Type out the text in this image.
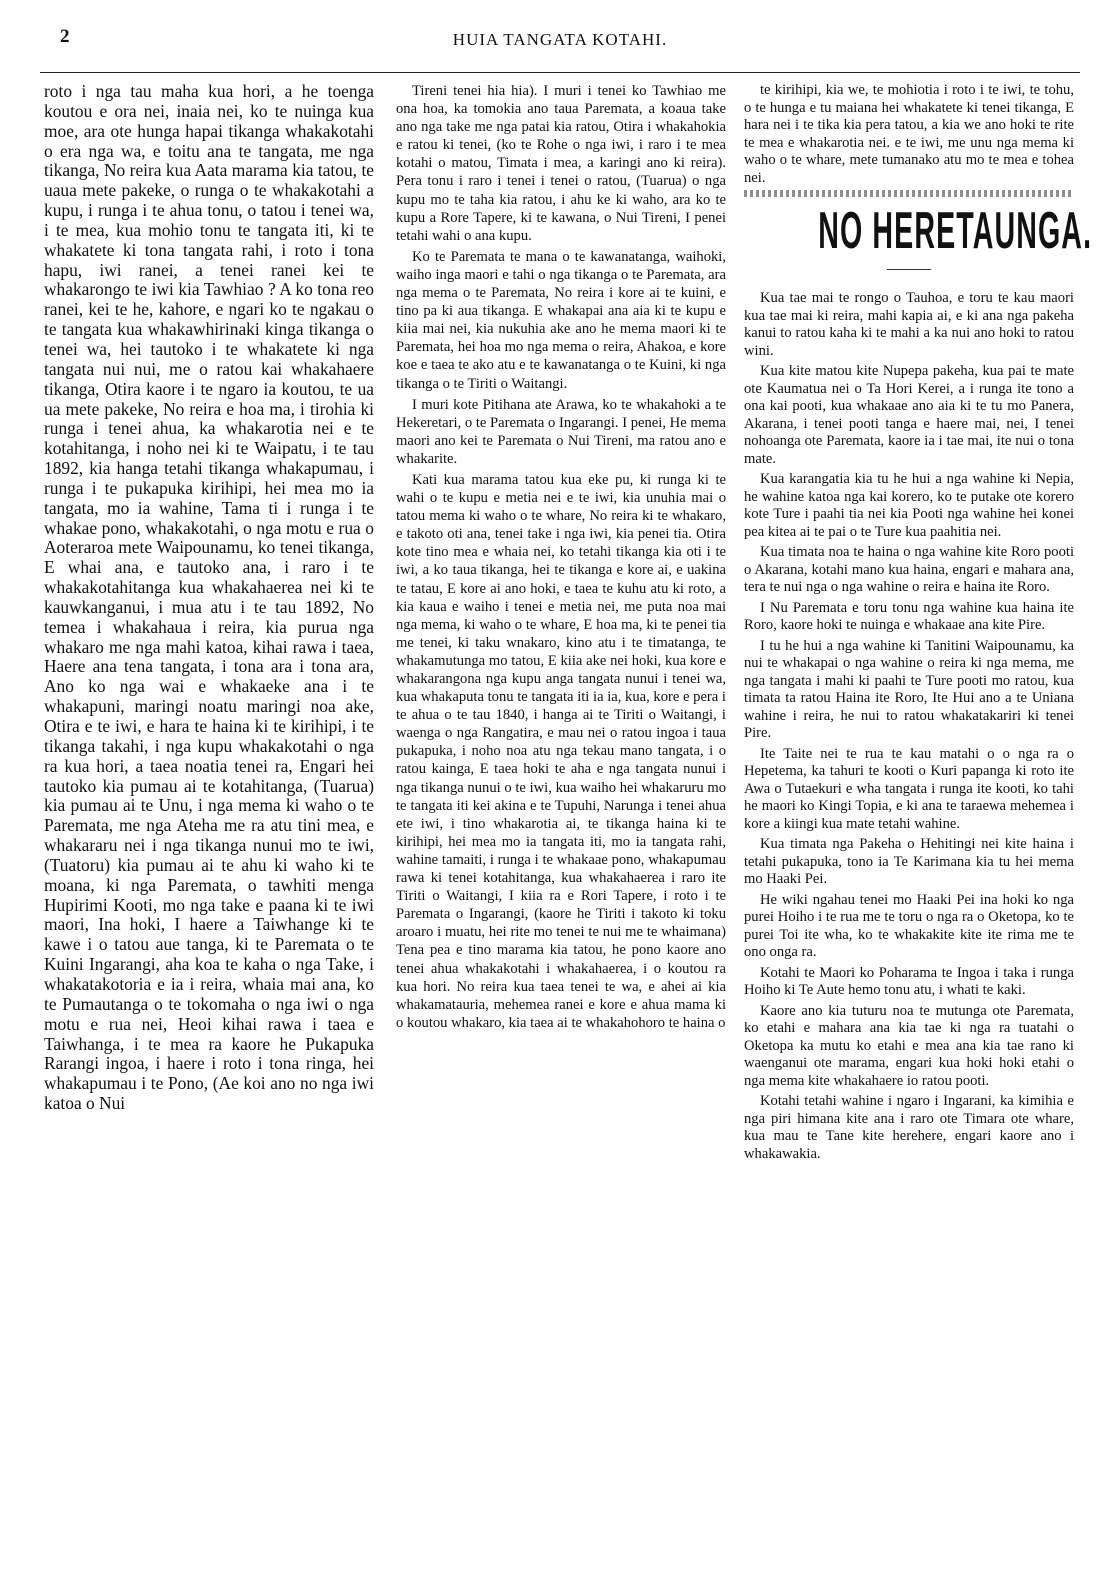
2	HUIA TANGATA KOTAHI.

roto i nga tau maha kua hori, a he toenga koutou e ora nei, inaia nei, ko te nuinga kua moe, ara ote hunga hapai tikanga whakakotahi o era nga wa, e toitu ana te tangata, me nga tikanga, No reira kua Aata marama kia tatou, te uaua mete pakeke, o runga o te whakakotahi a kupu, i runga i te ahua tonu, o tatou i tenei wa, i te mea, kua mohio tonu te tangata iti, ki te whakatete ki tona tangata rahi, i roto i tona hapu, iwi ranei, a tenei ranei kei te whakarongo te iwi kia Tawhiao ? A ko tona reo ranei, kei te he, kahore, e ngari ko te ngakau o te tangata kua whakawhirinaki kinga tikanga o tenei wa, hei tautoko i te whakatete ki nga tangata nui nui, me o ratou kai whakahaere tikanga, Otira kaore i te ngaro ia koutou, te ua ua mete pakeke, No reira e hoa ma, i tirohia ki runga i tenei ahua, ka whakarotia nei e te kotahitanga, i noho nei ki te Waipatu, i te tau 1892, kia hanga tetahi tikanga whakapumau, i runga i te pukapuka kirihipi, hei mea mo ia tangata, mo ia wahine, Tama ti i runga i te whakae pono, whakakotahi, o nga motu e rua o Aoteraroa mete Waipounamu, ko tenei tikanga, E whai ana, e tautoko ana, i raro i te whakakotahitanga kua whakahaerea nei ki te kauwkanganui, i mua atu i te tau 1892, No temea i whakahaua i reira, kia purua nga whakaro me nga mahi katoa, kihai rawa i taea, Haere ana tena tangata, i tona ara i tona ara, Ano ko nga wai e whakaeke ana i te whakapuni, maringi noatu maringi noa ake, Otira e te iwi, e hara te haina ki te kirihipi, i te tikanga takahi, i nga kupu whakakotahi o nga ra kua hori, a taea noatia tenei ra, Engari hei tautoko kia pumau ai te kotahitanga, (Tuarua) kia pumau ai te Unu, i nga mema ki waho o te Paremata, me nga Ateha me ra atu tini mea, e whakararu nei i nga tikanga nunui mo te iwi, (Tuatoru) kia pumau ai te ahu ki waho ki te moana, ki nga Paremata, o tawhiti menga Hupirimi Kooti, mo nga take e paana ki te iwi maori, Ina hoki, I haere a Taiwhange ki te kawe i o tatou aue tanga, ki te Paremata o te Kuini Ingarangi, aha koa te kaha o nga Take, i whakatakotoria e ia i reira, whaia mai ana, ko te Pumautanga o te tokomaha o nga iwi o nga motu e rua nei, Heoi kihai rawa i taea e Taiwhanga, i te mea ra kaore he Pukapuka Rarangi ingoa, i haere i roto i tona ringa, hei whakapumau i te Pono, (Ae koi ano no nga iwi katoa o Nui

Tireni tenei hia hia). I muri i tenei ko Tawhiao me ona hoa, ka tomokia ano taua Paremata, a koaua take ano nga take me nga patai kia ratou, Otira i whakahokia e ratou ki tenei, (ko te Rohe o nga iwi, i raro i te mea kotahi o matou, Timata i mea, a karingi ano ki reira). Pera tonu i raro i tenei i tenei o ratou, (Tuarua) o nga kupu mo te taha kia ratou, i ahu ke ki waho, ara ko te kupu a Rore Tapere, ki te kawana, o Nui Tireni, I penei tetahi wahi o ana kupu.

Ko te Paremata te mana o te kawanatanga, waihoki, waiho inga maori e tahi o nga tikanga o te Paremata, ara nga mema o te Paremata, No reira i kore ai te kuini, e tino pa ki aua tikanga. E whakapai ana aia ki te kupu e kiia mai nei, kia nukuhia ake ano he mema maori ki te Paremata, hei hoa mo nga mema o reira, Ahakoa, e kore koe e taea te ako atu e te kawanatanga o te Kuini, ki nga tikanga o te Tiriti o Waitangi.

I muri kote Pitihana ate Arawa, ko te whakahoki a te Hekeretari, o te Paremata o Ingarangi. I penei, He mema maori ano kei te Paremata o Nui Tireni, ma ratou ano e whakarite.

Kati kua marama tatou kua eke pu, ki runga ki te wahi o te kupu e metia nei e te iwi, kia unuhia mai o tatou mema ki waho o te whare, No reira ki te whakaro, e takoto oti ana, tenei take i nga iwi, kia penei tia. Otira kote tino mea e whaia nei, ko tetahi tikanga kia oti i te iwi, a ko taua tikanga, hei te tikanga e kore ai, e uakina te tatau, E kore ai ano hoki, e taea te kuhu atu ki roto, a kia kaua e waiho i tenei e metia nei, me puta noa mai nga mema, ki waho o te whare, E hoa ma, ki te penei tia me tenei, ki taku wnakaro, kino atu i te timatanga, te whakamutunga mo tatou, E kiia ake nei hoki, kua kore e whakarangona nga kupu anga tangata nunui i tenei wa, kua whakaputa tonu te tangata iti ia ia, kua, kore e pera i te ahua o te tau 1840, i hanga ai te Tiriti o Waitangi, i waenga o nga Rangatira, e mau nei o ratou ingoa i taua pukapuka, i noho noa atu nga tekau mano tangata, i o ratou kainga, E taea hoki te aha e nga tangata nunui i nga tikanga nunui o te iwi, kua waiho hei whakaruru mo te tangata iti kei akina e te Tupuhi, Narunga i tenei ahua ete iwi, i tino whakarotia ai, te tikanga haina ki te kirihipi, hei mea mo ia tangata iti, mo ia tangata rahi, wahine tamaiti, i runga i te whakaae pono, whakapumau rawa ki tenei kotahitanga, kua whakahaerea i raro ite Tiriti o Waitangi, I kiia ra e Rori Tapere, i roto i te Paremata o Ingarangi, (kaore he Tiriti i takoto ki toku aroaro i muatu, hei rite mo tenei te nui me te whaimana) Tena pea e tino marama kia tatou, he pono kaore ano tenei ahua whakakotahi i whakahaerea, i o koutou ra kua hori. No reira kua taea tenei te wa, e ahei ai kia whakamatauria, mehemea ranei e kore e ahua mama ki o koutou whakaro, kia taea ai te whakahohoro te haina o

te kirihipi, kia we, te mohiotia i roto i te iwi, te tohu, o te hunga e tu maiana hei whakatete ki tenei tikanga, E hara nei i te tika kia pera tatou, a kia we ano hoki te rite te mea e whakarotia nei. e te iwi, me unu nga mema ki waho o te whare, mete tumanako atu mo te mea e tohea nei.

NO HERETAUNGA.

Kua tae mai te rongo o Tauhoa, e toru te kau maori kua tae mai ki reira, mahi kapia ai, e ki ana nga pakeha kanui to ratou kaha ki te mahi a ka nui ano hoki to ratou wini.

Kua kite matou kite Nupepa pakeha, kua pai te mate ote Kaumatua nei o Ta Hori Kerei, a i runga ite tono a ona kai pooti, kua whakaae ano aia ki te tu mo Panera, Akarana, i tenei pooti tanga e haere mai, nei, I tenei nohoanga ote Paremata, kaore ia i tae mai, ite nui o tona mate.

Kua karangatia kia tu he hui a nga wahine ki Nepia, he wahine katoa nga kai korero, ko te putake ote korero kote Ture i paahi tia nei kia Pooti nga wahine hei konei pea kitea ai te pai o te Ture kua paahitia nei.

Kua timata noa te haina o nga wahine kite Roro pooti o Akarana, kotahi mano kua haina, engari e mahara ana, tera te nui nga o nga wahine o reira e haina ite Roro.

I Nu Paremata e toru tonu nga wahine kua haina ite Roro, kaore hoki te nuinga e whakaae ana kite Pire.

I tu he hui a nga wahine ki Tanitini Waipounamu, ka nui te whakapai o nga wahine o reira ki nga mema, me nga tangata i mahi ki paahi te Ture pooti mo ratou, kua timata ta ratou Haina ite Roro, Ite Hui ano a te Uniana wahine i reira, he nui to ratou whakatakariri ki tenei Pire.

Ite Taite nei te rua te kau matahi o o nga ra o Hepetema, ka tahuri te kooti o Kuri papanga ki roto ite Awa o Tutaekuri e wha tangata i runga ite kooti, ko tahi he maori ko Kingi Topia, e ki ana te taraewa mehemea i kore a kiingi kua mate tetahi wahine.

Kua timata nga Pakeha o Hehitingi nei kite haina i tetahi pukapuka, tono ia Te Karimana kia tu hei mema mo Haaki Pei.

He wiki ngahau tenei mo Haaki Pei ina hoki ko nga purei Hoiho i te rua me te toru o nga ra o Oketopa, ko te purei Toi ite wha, ko te whakakite kite ite rima me te ono onga ra.

Kotahi te Maori ko Poharama te Ingoa i taka i runga Hoiho ki Te Aute hemo tonu atu, i whati te kaki.

Kaore ano kia tuturu noa te mutunga ote Paremata, ko etahi e mahara ana kia tae ki nga ra tuatahi o Oketopa ka mutu ko etahi e mea ana kia tae rano ki waenganui ote marama, engari kua hoki hoki etahi o nga mema kite whakahaere io ratou pooti.

Kotahi tetahi wahine i ngaro i Ingarani, ka kimihia e nga piri himana kite ana i raro ote Timara ote whare, kua mau te Tane kite herehere, engari kaore ano i whakawakia.
